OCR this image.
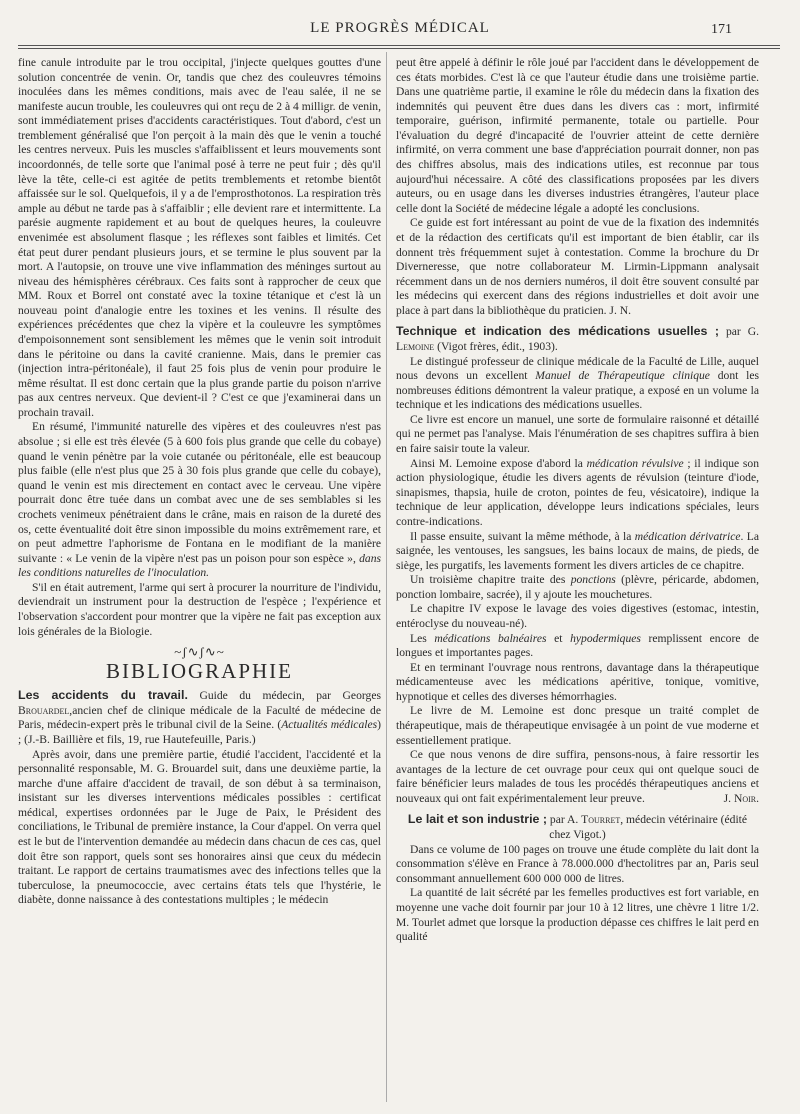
LE PROGRÈS MÉDICAL	171

fine canule introduite par le trou occipital, j'injecte quelques gouttes d'une solution concentrée de venin. Or, tandis que chez des couleuvres témoins inoculées dans les mêmes conditions, mais avec de l'eau salée, il ne se manifeste aucun trouble, les couleuvres qui ont reçu de 2 à 4 milligr. de venin, sont immédiatement prises d'accidents caractéristiques. Tout d'abord, c'est un tremblement généralisé que l'on perçoit à la main dès que le venin a touché les centres nerveux. Puis les muscles s'affaiblissent et leurs mouvements sont incoordonnés, de telle sorte que l'animal posé à terre ne peut fuir ; dès qu'il lève la tête, celle-ci est agitée de petits tremblements et retombe bientôt affaissée sur le sol. Quelquefois, il y a de l'emprosthotonos. La respiration très ample au début ne tarde pas à s'affaiblir ; elle devient rare et intermittente. La parésie augmente rapidement et au bout de quelques heures, la couleuvre envenimée est absolument flasque ; les réflexes sont faibles et limités. Cet état peut durer pendant plusieurs jours, et se termine le plus souvent par la mort. A l'autopsie, on trouve une vive inflammation des méninges surtout au niveau des hémisphères cérébraux. Ces faits sont à rapprocher de ceux que MM. Roux et Borrel ont constaté avec la toxine tétanique et c'est là un nouveau point d'analogie entre les toxines et les venins. Il résulte des expériences précédentes que chez la vipère et la couleuvre les symptômes d'empoisonnement sont sensiblement les mêmes que le venin soit introduit dans le péritoine ou dans la cavité cranienne. Mais, dans le premier cas (injection intra-péritonéale), il faut 25 fois plus de venin pour produire le même résultat. Il est donc certain que la plus grande partie du poison n'arrive pas aux centres nerveux. Que devient-il ? C'est ce que j'examinerai dans un prochain travail.

En résumé, l'immunité naturelle des vipères et des couleuvres n'est pas absolue ; si elle est très élevée (5 à 600 fois plus grande que celle du cobaye) quand le venin pénètre par la voie cutanée ou péritonéale, elle est beaucoup plus faible (elle n'est plus que 25 à 30 fois plus grande que celle du cobaye), quand le venin est mis directement en contact avec le cerveau. Une vipère pourrait donc être tuée dans un combat avec une de ses semblables si les crochets venimeux pénétraient dans le crâne, mais en raison de la dureté des os, cette éventualité doit être sinon impossible du moins extrêmement rare, et on peut admettre l'aphorisme de Fontana en le modifiant de la manière suivante : « Le venin de la vipère n'est pas un poison pour son espèce », dans les conditions naturelles de l'inoculation.

S'il en était autrement, l'arme qui sert à procurer la nourriture de l'individu, deviendrait un instrument pour la destruction de l'espèce ; l'expérience et l'observation s'accordent pour montrer que la vipère ne fait pas exception aux lois générales de la Biologie.

~ʃ∿ʃ∿~
BIBLIOGRAPHIE

Les accidents du travail. Guide du médecin, par Georges Brouardel,ancien chef de clinique médicale de la Faculté de médecine de Paris, médecin-expert près le tribunal civil de la Seine. (Actualités médicales) ; (J.-B. Baillière et fils, 19, rue Hautefeuille, Paris.)

Après avoir, dans une première partie, étudié l'accident, l'accidenté et la personnalité responsable, M. G. Brouardel suit, dans une deuxième partie, la marche d'une affaire d'accident de travail, de son début à sa terminaison, insistant sur les diverses interventions médicales possibles : certificat médical, expertises ordonnées par le Juge de Paix, le Président des conciliations, le Tribunal de première instance, la Cour d'appel. On verra quel est le but de l'intervention demandée au médecin dans chacun de ces cas, quel doit être son rapport, quels sont ses honoraires ainsi que ceux du médecin traitant. Le rapport de certains traumatismes avec des infections telles que la tuberculose, la pneumococcie, avec certains états tels que l'hystérie, le diabète, donne naissance à des contestations multiples ; le médecin

peut être appelé à définir le rôle joué par l'accident dans le développement de ces états morbides. C'est là ce que l'auteur étudie dans une troisième partie. Dans une quatrième partie, il examine le rôle du médecin dans la fixation des indemnités qui peuvent être dues dans les divers cas : mort, infirmité temporaire, guérison, infirmité permanente, totale ou partielle. Pour l'évaluation du degré d'incapacité de l'ouvrier atteint de cette dernière infirmité, on verra comment une base d'appréciation pourrait donner, non pas des chiffres absolus, mais des indications utiles, est reconnue par tous aujourd'hui nécessaire. A côté des classifications proposées par les divers auteurs, ou en usage dans les diverses industries étrangères, l'auteur place celle dont la Société de médecine légale a adopté les conclusions.

Ce guide est fort intéressant au point de vue de la fixation des indemnités et de la rédaction des certificats qu'il est important de bien établir, car ils donnent très fréquemment sujet à contestation. Comme la brochure du Dr Diverneresse, que notre collaborateur M. Lirmin-Lippmann analysait récemment dans un de nos derniers numéros, il doit être souvent consulté par les médecins qui exercent dans des régions industrielles et doit avoir une place à part dans la bibliothèque du praticien. J. N.

Technique et indication des médications usuelles ; par G. Lemoine (Vigot frères, édit., 1903).

Le distingué professeur de clinique médicale de la Faculté de Lille, auquel nous devons un excellent Manuel de Thérapeutique clinique dont les nombreuses éditions démontrent la valeur pratique, a exposé en un volume la technique et les indications des médications usuelles.

Ce livre est encore un manuel, une sorte de formulaire raisonné et détaillé qui ne permet pas l'analyse. Mais l'énumération de ses chapitres suffira à bien en faire saisir toute la valeur.

Ainsi M. Lemoine expose d'abord la médication révulsive ; il indique son action physiologique, étudie les divers agents de révulsion (teinture d'iode, sinapismes, thapsia, huile de croton, pointes de feu, vésicatoire), indique la technique de leur application, développe leurs indications spéciales, leurs contre-indications.

Il passe ensuite, suivant la même méthode, à la médication dérivatrice. La saignée, les ventouses, les sangsues, les bains locaux de mains, de pieds, de siège, les purgatifs, les lavements forment les divers articles de ce chapitre.

Un troisième chapitre traite des ponctions (plèvre, péricarde, abdomen, ponction lombaire, sacrée), il y ajoute les mouchetures.

Le chapitre IV expose le lavage des voies digestives (estomac, intestin, entéroclyse du nouveau-né).

Les médications balnéaires et hypodermiques remplissent encore de longues et importantes pages.

Et en terminant l'ouvrage nous rentrons, davantage dans la thérapeutique médicamenteuse avec les médications apéritive, tonique, vomitive, hypnotique et celles des diverses hémorrhagies.

Le livre de M. Lemoine est donc presque un traité complet de thérapeutique, mais de thérapeutique envisagée à un point de vue moderne et essentiellement pratique.

Ce que nous venons de dire suffira, pensons-nous, à faire ressortir les avantages de la lecture de cet ouvrage pour ceux qui ont quelque souci de faire bénéficier leurs malades de tous les procédés thérapeutiques anciens et nouveaux qui ont fait expérimentalement leur preuve.	J. Noir.

Le lait et son industrie ; par A. Tourret, médecin vétérinaire (édité chez Vigot.)

Dans ce volume de 100 pages on trouve une étude complète du lait dont la consommation s'élève en France à 78.000.000 d'hectolitres par an, Paris seul consommant annuellement 600 000 000 de litres.

La quantité de lait sécrété par les femelles productives est fort variable, en moyenne une vache doit fournir par jour 10 à 12 litres, une chèvre 1 litre 1/2. M. Tourlet admet que lorsque la production dépasse ces chiffres le lait perd en qualité
